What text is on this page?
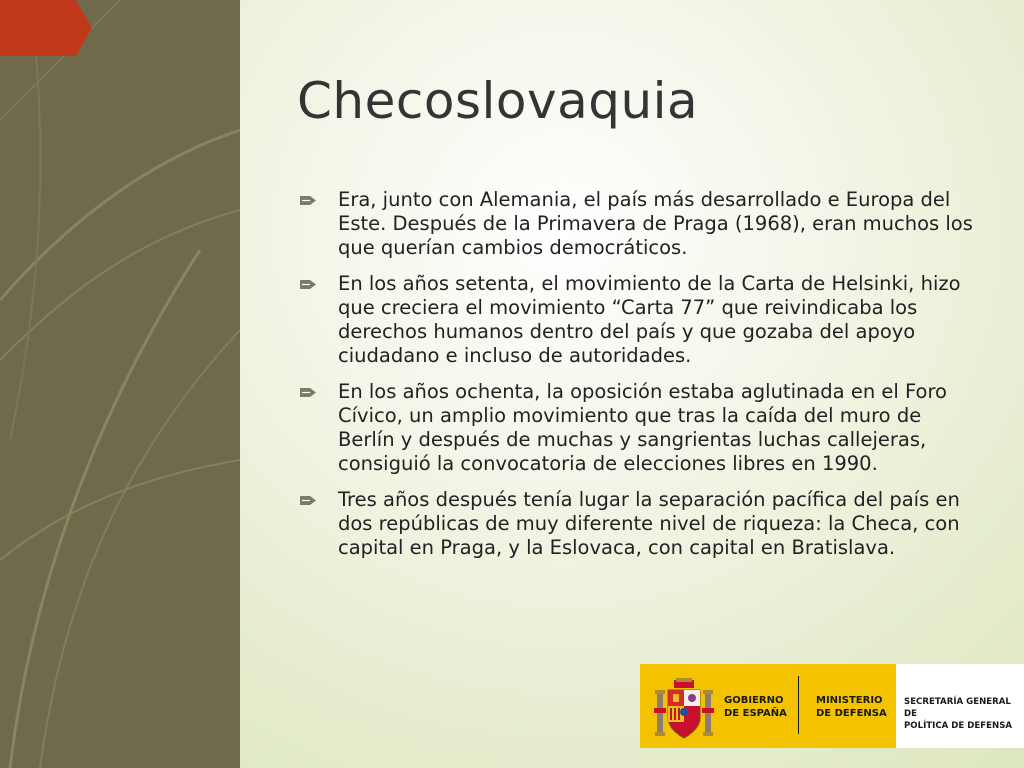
Checoslovaquia
Era, junto con Alemania, el país más desarrollado e Europa del Este. Después de la Primavera de Praga (1968), eran muchos los que querían cambios democráticos.
En los años setenta, el movimiento de la Carta de Helsinki, hizo que creciera el movimiento “Carta 77” que reivindicaba los derechos humanos dentro del país y que gozaba del apoyo ciudadano e incluso de autoridades.
En los años ochenta, la oposición estaba aglutinada en el Foro Cívico, un amplio movimiento que tras la caída del muro de Berlín y después de muchas y sangrientas luchas callejeras, consiguió la convocatoria de elecciones libres en 1990.
Tres años después tenía lugar la separación pacífica del país en dos repúblicas de muy diferente nivel de riqueza: la Checa, con capital en Praga, y la Eslovaca, con capital en Bratislava.
GOBIERNO
DE ESPAÑA
MINISTERIO
DE DEFENSA
SECRETARÍA GENERAL DE
POLÍTICA DE DEFENSA
